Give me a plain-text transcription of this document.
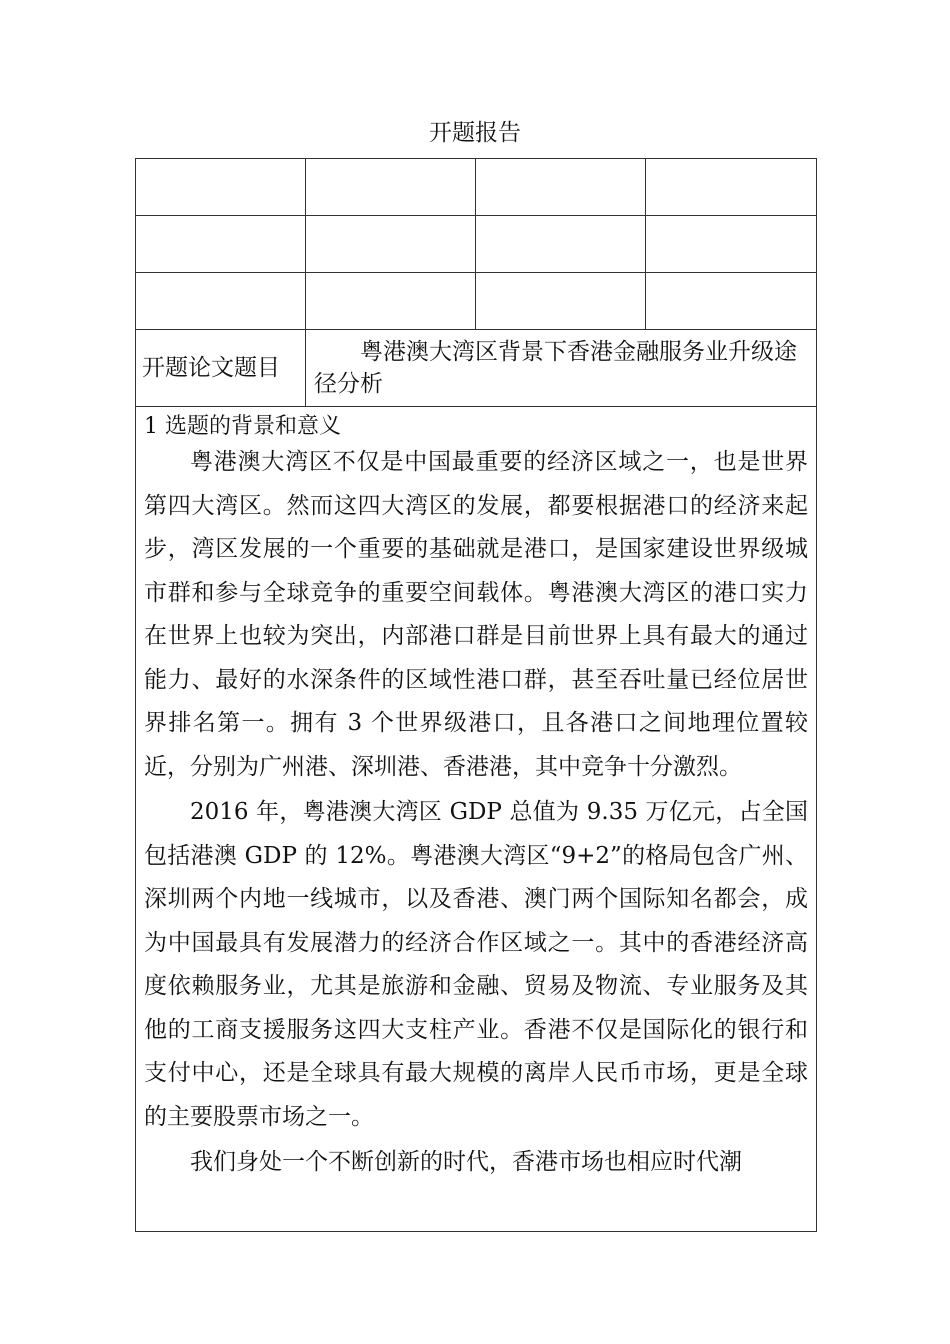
开题报告

开题论文题目	粤港澳大湾区背景下香港金融服务业升级途径分析		

1 选题的背景和意义

粤港澳大湾区不仅是中国最重要的经济区域之一，也是世界第四大湾区。然而这四大湾区的发展，都要根据港口的经济来起步，湾区发展的一个重要的基础就是港口，是国家建设世界级城市群和参与全球竞争的重要空间载体。粤港澳大湾区的港口实力在世界上也较为突出，内部港口群是目前世界上具有最大的通过能力、最好的水深条件的区域性港口群，甚至吞吐量已经位居世界排名第一。拥有 3 个世界级港口，且各港口之间地理位置较近，分别为广州港、深圳港、香港港，其中竞争十分激烈。

2016 年，粤港澳大湾区 GDP 总值为 9.35 万亿元，占全国包括港澳 GDP 的 12%。粤港澳大湾区“9+2”的格局包含广州、 深圳两个内地一线城市，以及香港、澳门两个国际知名都会，成为中国最具有发展潜力的经济合作区域之一。其中的香港经济高度依赖服务业，尤其是旅游和金融、贸易及物流、专业服务及其他的工商支援服务这四大支柱产业。香港不仅是国际化的银行和支付中心，还是全球具有最大规模的离岸人民币市场，更是全球的主要股票市场之一。

我们身处一个不断创新的时代，香港市场也相应时代潮			
